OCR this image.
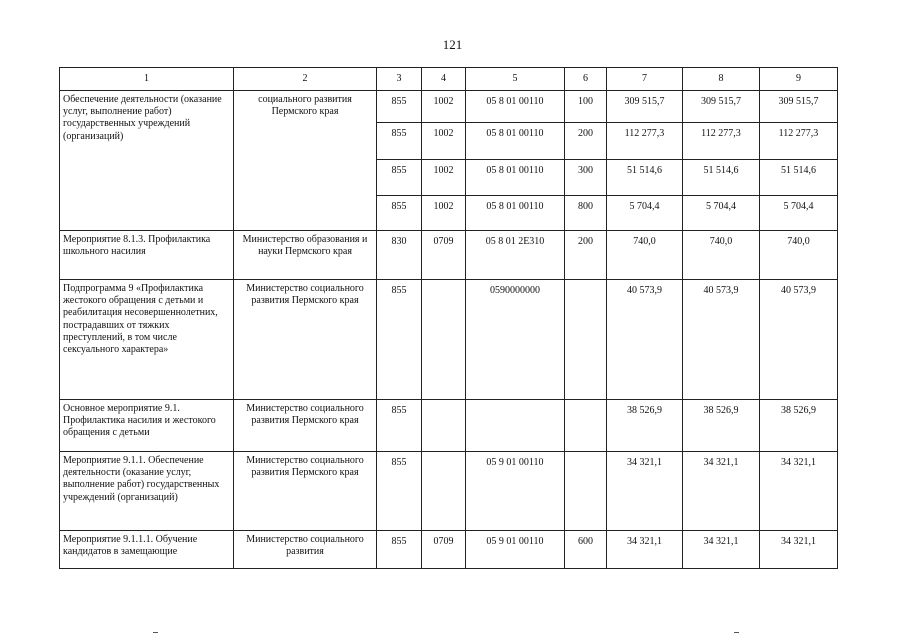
121
1	2	3	4	5	6	7	8	9
Обеспечение деятельности (оказание услуг, выполнение работ) государственных учреждений (организаций)	социального развития Пермского края	855	1002	05 8 01 00110	100	309 515,7	309 515,7	309 515,7
		855	1002	05 8 01 00110	200	112 277,3	112 277,3	112 277,3
		855	1002	05 8 01 00110	300	51 514,6	51 514,6	51 514,6
		855	1002	05 8 01 00110	800	5 704,4	5 704,4	5 704,4
Мероприятие 8.1.3. Профилактика школьного насилия	Министерство образования и науки Пермского края	830	0709	05 8 01 2Е310	200	740,0	740,0	740,0
Подпрограмма 9 «Профилактика жестокого обращения с детьми и реабилитация несовершеннолетних, пострадавших от тяжких преступлений, в том числе сексуального характера»	Министерство социального развития Пермского края	855		0590000000		40 573,9	40 573,9	40 573,9
Основное мероприятие 9.1. Профилактика насилия и жестокого обращения с детьми	Министерство социального развития Пермского края	855				38 526,9	38 526,9	38 526,9
Мероприятие 9.1.1. Обеспечение деятельности (оказание услуг, выполнение работ) государственных учреждений (организаций)	Министерство социального развития Пермского края	855		05 9 01 00110		34 321,1	34 321,1	34 321,1
Мероприятие 9.1.1.1. Обучение кандидатов в замещающие	Министерство социального развития	855	0709	05 9 01 00110	600	34 321,1	34 321,1	34 321,1
